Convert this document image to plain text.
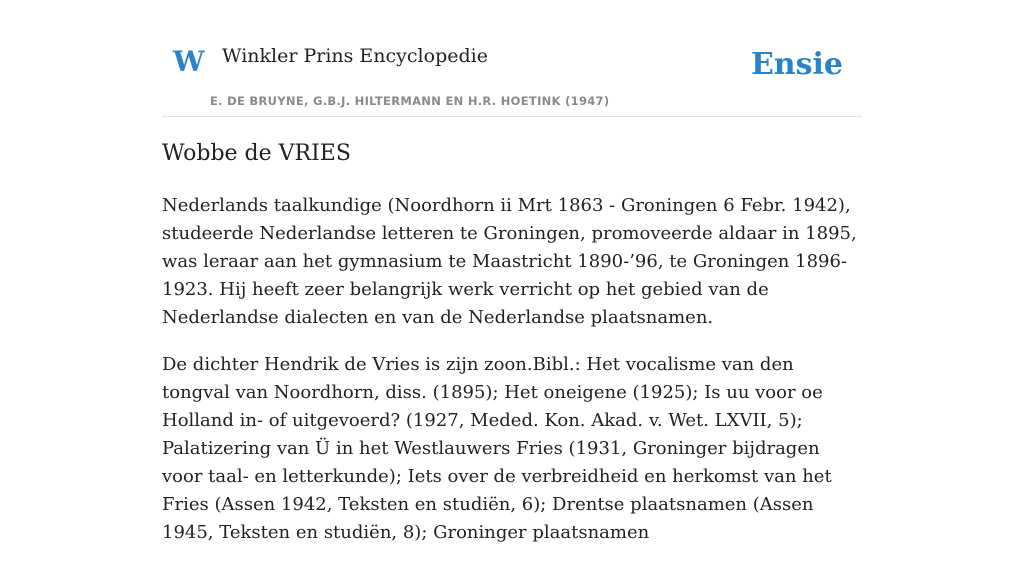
W Winkler Prins Encyclopedie
E. DE BRUYNE, G.B.J. HILTERMANN EN H.R. HOETINK (1947)
Ensie
Wobbe de VRIES

Nederlands taalkundige (Noordhorn ii Mrt 1863 - Groningen 6 Febr. 1942), studeerde Nederlandse letteren te Groningen, promoveerde aldaar in 1895, was leraar aan het gymnasium te Maastricht 1890-’96, te Groningen 1896-1923. Hij heeft zeer belangrijk werk verricht op het gebied van de Nederlandse dialecten en van de Nederlandse plaatsnamen.

De dichter Hendrik de Vries is zijn zoon.Bibl.: Het vocalisme van den tongval van Noordhorn, diss. (1895); Het oneigene (1925); Is uu voor oe Holland in- of uitgevoerd? (1927, Meded. Kon. Akad. v. Wet. LXVII, 5); Palatizering van Ü in het Westlauwers Fries (1931, Groninger bijdragen voor taal- en letterkunde); Iets over de verbreidheid en herkomst van het Fries (Assen 1942, Teksten en studiën, 6); Drentse plaatsnamen (Assen 1945, Teksten en studiën, 8); Groninger plaatsnamen
